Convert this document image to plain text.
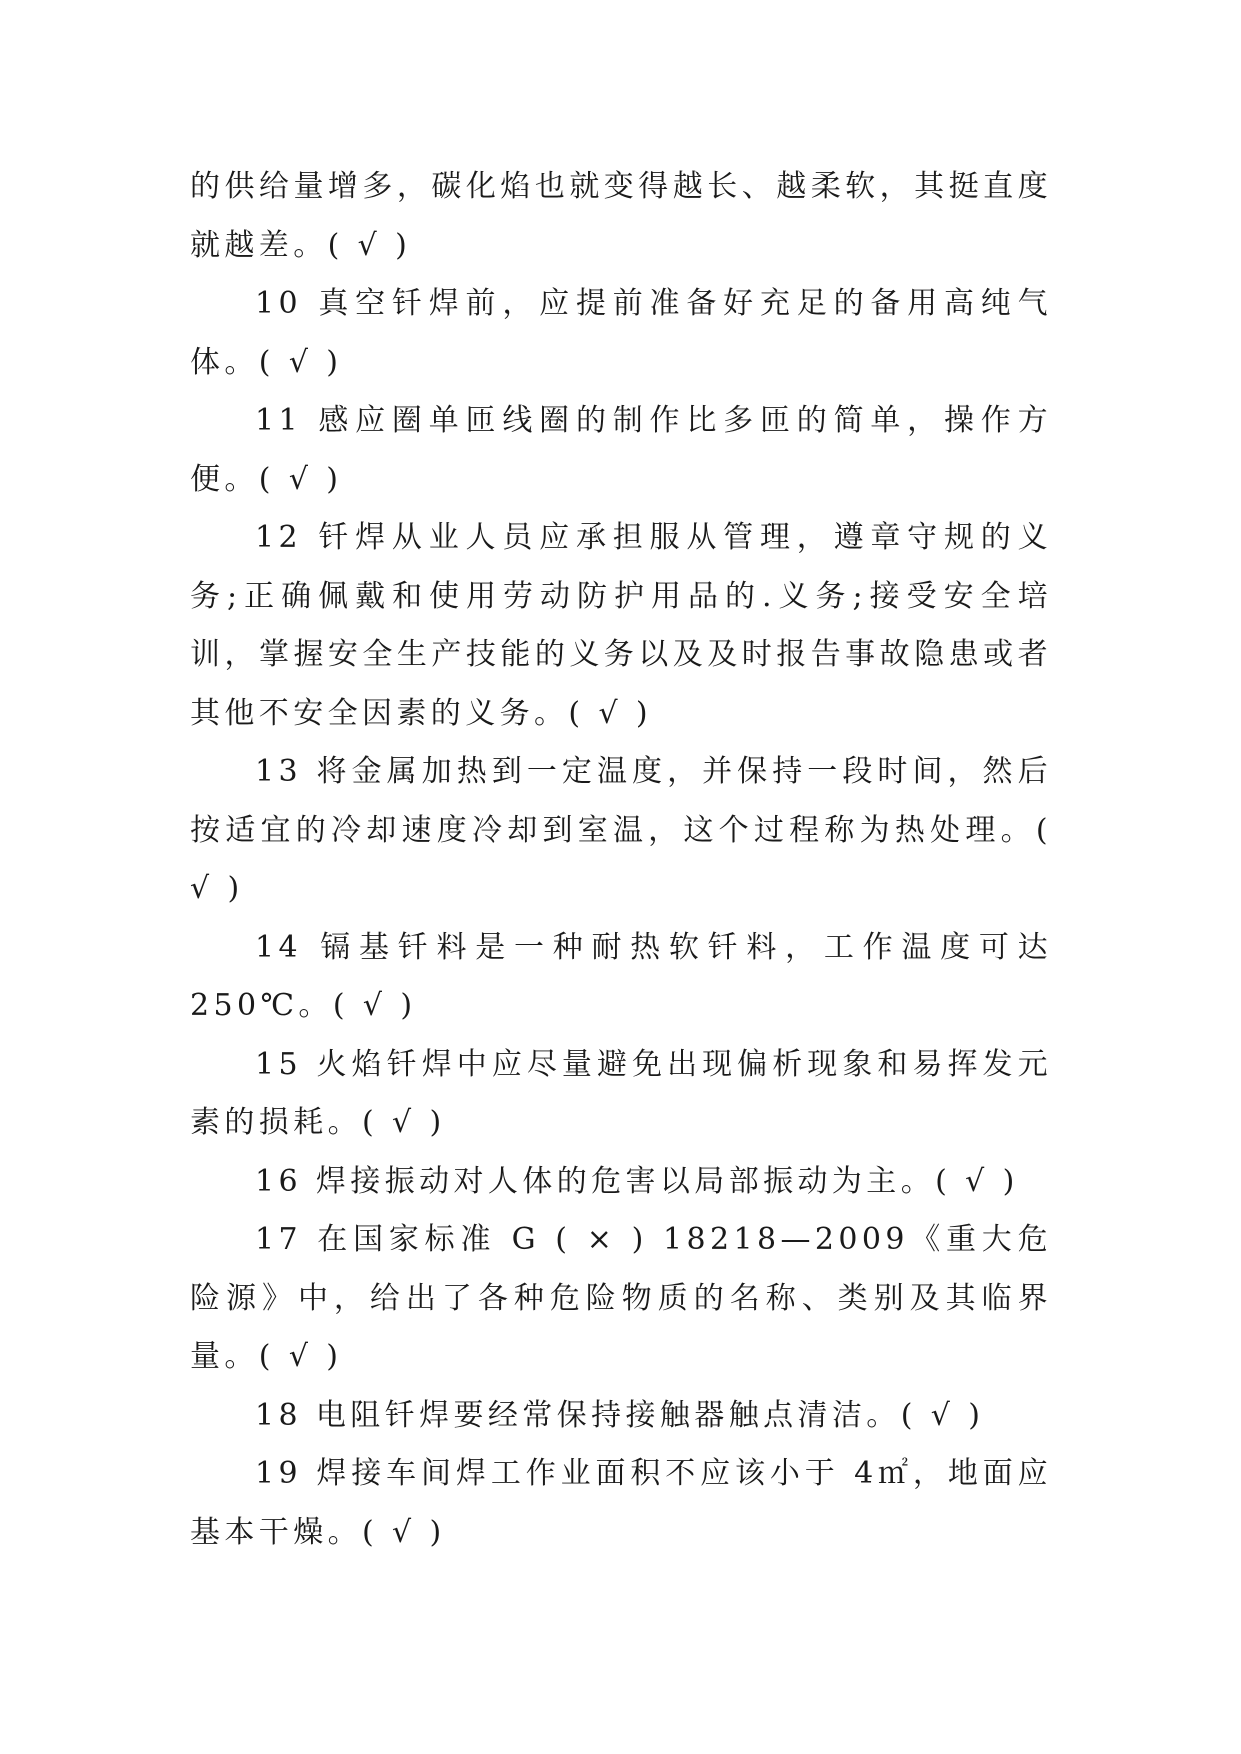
的供给量增多，碳化焰也就变得越长、越柔软，其挺直度就越差。( √ )

10 真空钎焊前，应提前准备好充足的备用高纯气体。( √ )

11 感应圈单匝线圈的制作比多匝的简单，操作方便。( √ )

12 钎焊从业人员应承担服从管理，遵章守规的义务;正确佩戴和使用劳动防护用品的.义务;接受安全培训，掌握安全生产技能的义务以及及时报告事故隐患或者其他不安全因素的义务。( √ )

13 将金属加热到一定温度，并保持一段时间，然后按适宜的冷却速度冷却到室温，这个过程称为热处理。( √ )

14 镉基钎料是一种耐热软钎料，工作温度可达 250℃。( √ )

15 火焰钎焊中应尽量避免出现偏析现象和易挥发元素的损耗。( √ )

16 焊接振动对人体的危害以局部振动为主。( √ )

17 在国家标准 G ( × ) 18218—2009《重大危险源》中，给出了各种危险物质的名称、类别及其临界量。( √ )

18 电阻钎焊要经常保持接触器触点清洁。( √ )

19 焊接车间焊工作业面积不应该小于 4㎡，地面应基本干燥。( √ )
